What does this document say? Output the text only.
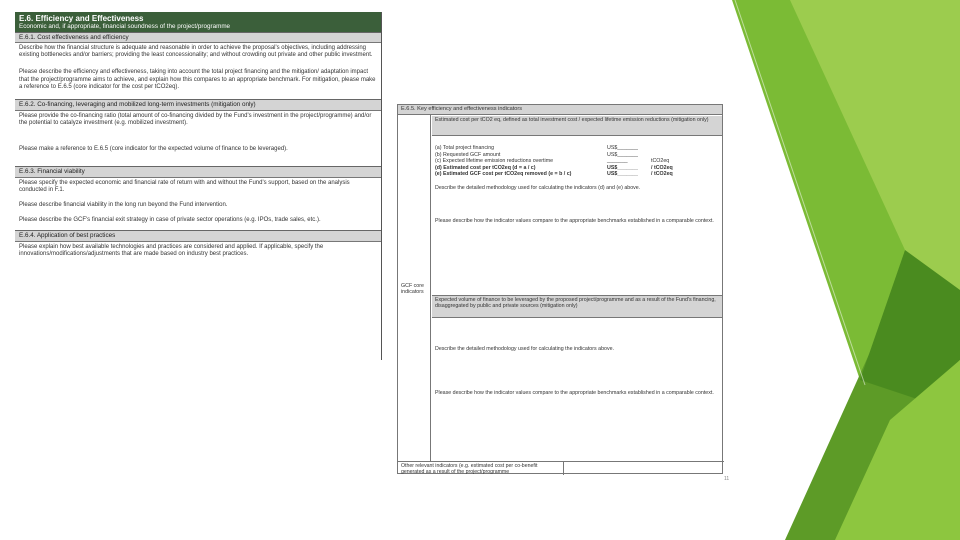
E.6. Efficiency and Effectiveness
Economic and, if appropriate, financial soundness of the project/programme
E.6.1. Cost effectiveness and efficiency
Describe how the financial structure is adequate and reasonable in order to achieve the proposal's objectives, including addressing existing bottlenecks and/or barriers; providing the least concessionality; and without crowding out private and other public investment.
Please describe the efficiency and effectiveness, taking into account the total project financing and the mitigation/ adaptation impact that the project/programme aims to achieve, and explain how this compares to an appropriate benchmark. For mitigation, please make a reference to E.6.5 (core indicator for the cost per tCO2eq).
E.6.2. Co-financing, leveraging and mobilized long-term investments (mitigation only)
Please provide the co-financing ratio (total amount of co-financing divided by the Fund's investment in the project/programme) and/or the potential to catalyze investment (e.g. mobilized investment).
Please make a reference to E.6.5 (core indicator for the expected volume of finance to be leveraged).
E.6.3. Financial viability
Please specify the expected economic and financial rate of return with and without the Fund's support, based on the analysis conducted in F.1.
Please describe financial viability in the long run beyond the Fund intervention.
Please describe the GCF's financial exit strategy in case of private sector operations (e.g. IPOs, trade sales, etc.).
E.6.4. Application of best practices
Please explain how best available technologies and practices are considered and applied. If applicable, specify the innovations/modifications/adjustments that are made based on industry best practices.
E.6.5. Key efficiency and effectiveness indicators
GCF core indicators
Estimated cost per tCO2 eq, defined as total investment cost / expected lifetime emission reductions (mitigation only)
(a) Total project financing	US$_______
(b) Requested GCF amount	US$_______
(c) Expected lifetime emission reductions overtime	_______	tCO2eq
(d) Estimated cost per tCO2eq (d = a / c)	US$_______	/ tCO2eq
(e) Estimated GCF cost per tCO2eq removed (e = b / c)	US$_______	/ tCO2eq
Describe the detailed methodology used for calculating the indicators (d) and (e) above.
Please describe how the indicator values compare to the appropriate benchmarks established in a comparable context.
Expected volume of finance to be leveraged by the proposed project/programme and as a result of the Fund's financing, disaggregated by public and private sources (mitigation only)
Describe the detailed methodology used for calculating the indicators above.
Please describe how the indicator values compare to the appropriate benchmarks established in a comparable context.
Other relevant indicators (e.g. estimated cost per co-benefit generated as a result of the project/programme
11
